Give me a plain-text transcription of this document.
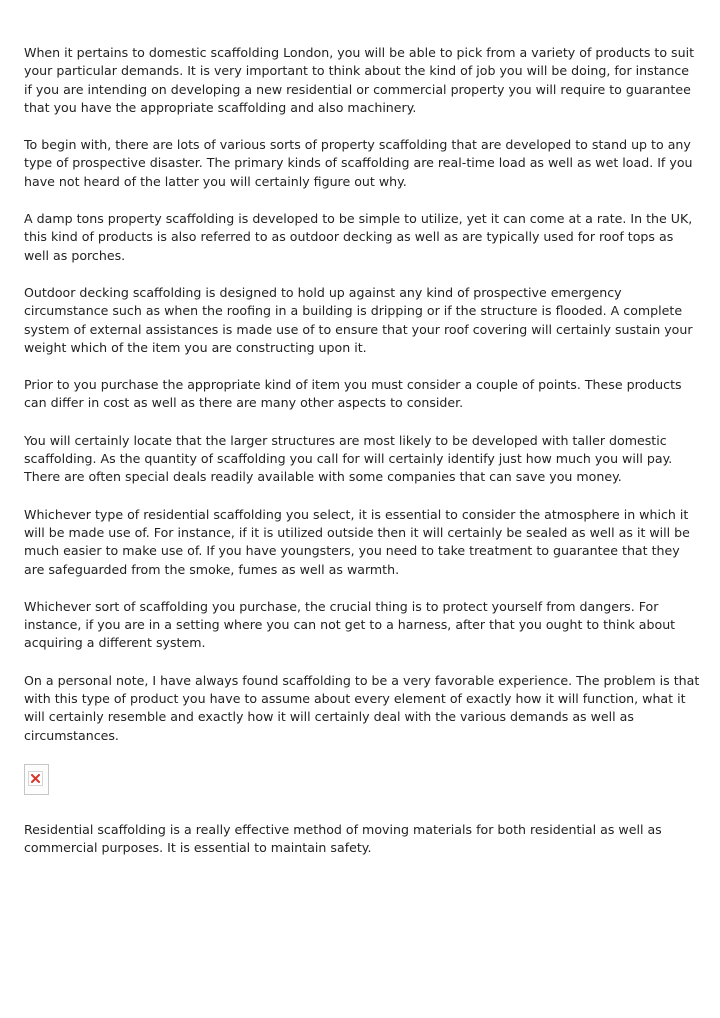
When it pertains to domestic scaffolding London, you will be able to pick from a variety of products to suit your particular demands. It is very important to think about the kind of job you will be doing, for instance if you are intending on developing a new residential or commercial property you will require to guarantee that you have the appropriate scaffolding and also machinery.

To begin with, there are lots of various sorts of property scaffolding that are developed to stand up to any type of prospective disaster. The primary kinds of scaffolding are real-time load as well as wet load. If you have not heard of the latter you will certainly figure out why.

A damp tons property scaffolding is developed to be simple to utilize, yet it can come at a rate. In the UK, this kind of products is also referred to as outdoor decking as well as are typically used for roof tops as well as porches.

Outdoor decking scaffolding is designed to hold up against any kind of prospective emergency circumstance such as when the roofing in a building is dripping or if the structure is flooded. A complete system of external assistances is made use of to ensure that your roof covering will certainly sustain your weight which of the item you are constructing upon it.

Prior to you purchase the appropriate kind of item you must consider a couple of points. These products can differ in cost as well as there are many other aspects to consider.

You will certainly locate that the larger structures are most likely to be developed with taller domestic scaffolding. As the quantity of scaffolding you call for will certainly identify just how much you will pay. There are often special deals readily available with some companies that can save you money.

Whichever type of residential scaffolding you select, it is essential to consider the atmosphere in which it will be made use of. For instance, if it is utilized outside then it will certainly be sealed as well as it will be much easier to make use of. If you have youngsters, you need to take treatment to guarantee that they are safeguarded from the smoke, fumes as well as warmth.

Whichever sort of scaffolding you purchase, the crucial thing is to protect yourself from dangers. For instance, if you are in a setting where you can not get to a harness, after that you ought to think about acquiring a different system.

On a personal note, I have always found scaffolding to be a very favorable experience. The problem is that with this type of product you have to assume about every element of exactly how it will function, what it will certainly resemble and exactly how it will certainly deal with the various demands as well as circumstances.

Residential scaffolding is a really effective method of moving materials for both residential as well as commercial purposes. It is essential to maintain safety.
